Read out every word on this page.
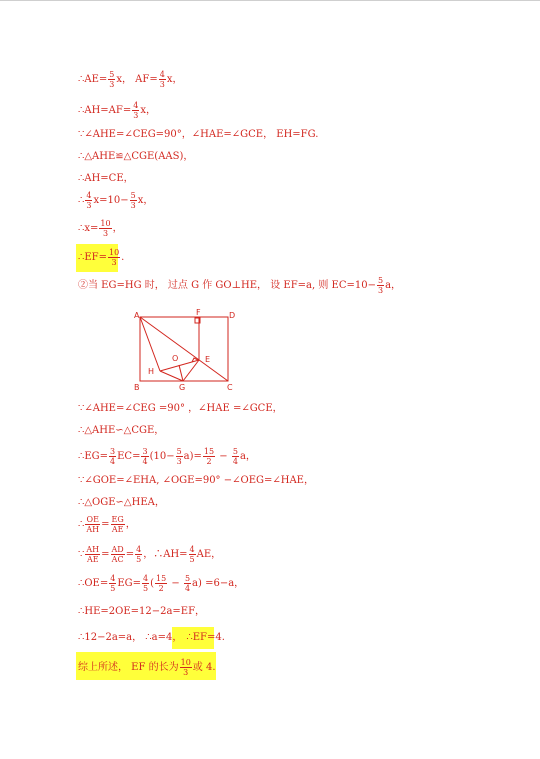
∴AE= $\frac{5}{3}$ x， $AF= \frac{4}{3}$ x，
∴AH=AF= $\frac{4}{3}$ x，
∵∠AHE=∠CEG=90°，∠HAE=∠GCE， EH=FG.
∴△AHE≌△CGE(AAS)，
∴AH=CE，
∴ $\frac{4}{3} x=10- \frac{5}{3}$ x，
∴x= $\frac{10}{3}$ ，
∴EF= $\frac{10}{3}$ .
②当 EG=HG 时， 过点 G 作 GO⊥HE， 设 EF=a, 则 $EC=10- \frac{5}{3}$ a，
A	F	D
O	E
H
B	G	C
∵∠AHE=∠CEG =90° ，∠HAE =∠GCE，
∴△AHE∽△CGE，
∴EG= $\frac{3}{4} EC= \frac{3}{4} (10- \frac{5}{3} a)= \frac{15}{2} - \frac{5}{4}$ a，
∵∠GOE=∠EHA, ∠OGE=90° −∠OEG=∠HAE，
∴△OGE∽△HEA，
∴ $\frac{OE}{AH} = \frac{EG}{AE}$ ，
∵ $\frac{AH}{AE} = \frac{AD}{AC} = \frac{4}{5}$ ，∴AH= $\frac{4}{5}$ AE，
∴OE= $\frac{4}{5} EG= \frac{4}{5}$ ( $\frac{15}{2} - \frac{5}{4} a) =6-a$，
∴HE=2OE=12−2a=EF，
∴12−2a=a， ∴a=4， ∴EF=4.
综上所述， EF 的长为 $\frac{10}{3}$ 或 4.
